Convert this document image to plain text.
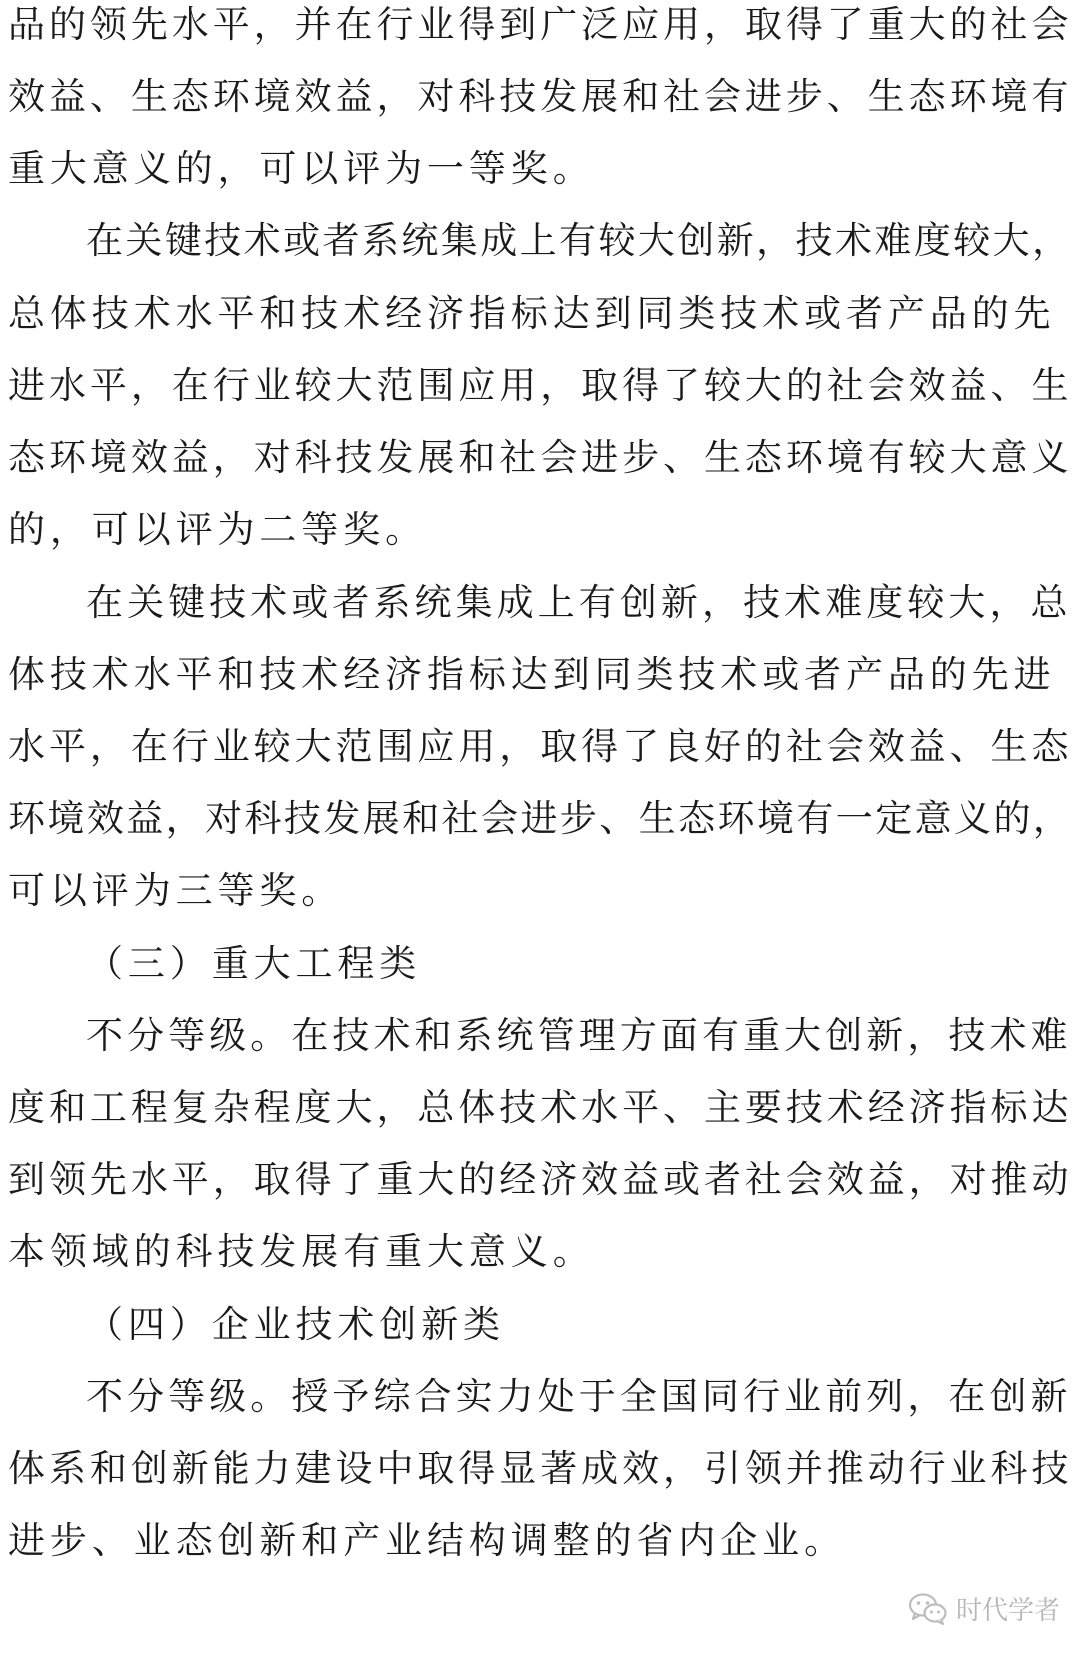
品的领先水平，并在行业得到广泛应用，取得了重大的社会

效益、生态环境效益，对科技发展和社会进步、生态环境有

重大意义的，可以评为一等奖。

在关键技术或者系统集成上有较大创新，技术难度较大，

总体技术水平和技术经济指标达到同类技术或者产品的先

进水平，在行业较大范围应用，取得了较大的社会效益、生

态环境效益，对科技发展和社会进步、生态环境有较大意义

的，可以评为二等奖。

在关键技术或者系统集成上有创新，技术难度较大，总

体技术水平和技术经济指标达到同类技术或者产品的先进

水平，在行业较大范围应用，取得了良好的社会效益、生态

环境效益，对科技发展和社会进步、生态环境有一定意义的，

可以评为三等奖。

（三）重大工程类

不分等级。在技术和系统管理方面有重大创新，技术难

度和工程复杂程度大，总体技术水平、主要技术经济指标达

到领先水平，取得了重大的经济效益或者社会效益，对推动

本领域的科技发展有重大意义。

（四）企业技术创新类

不分等级。授予综合实力处于全国同行业前列，在创新

体系和创新能力建设中取得显著成效，引领并推动行业科技

进步、业态创新和产业结构调整的省内企业。

时代学者
